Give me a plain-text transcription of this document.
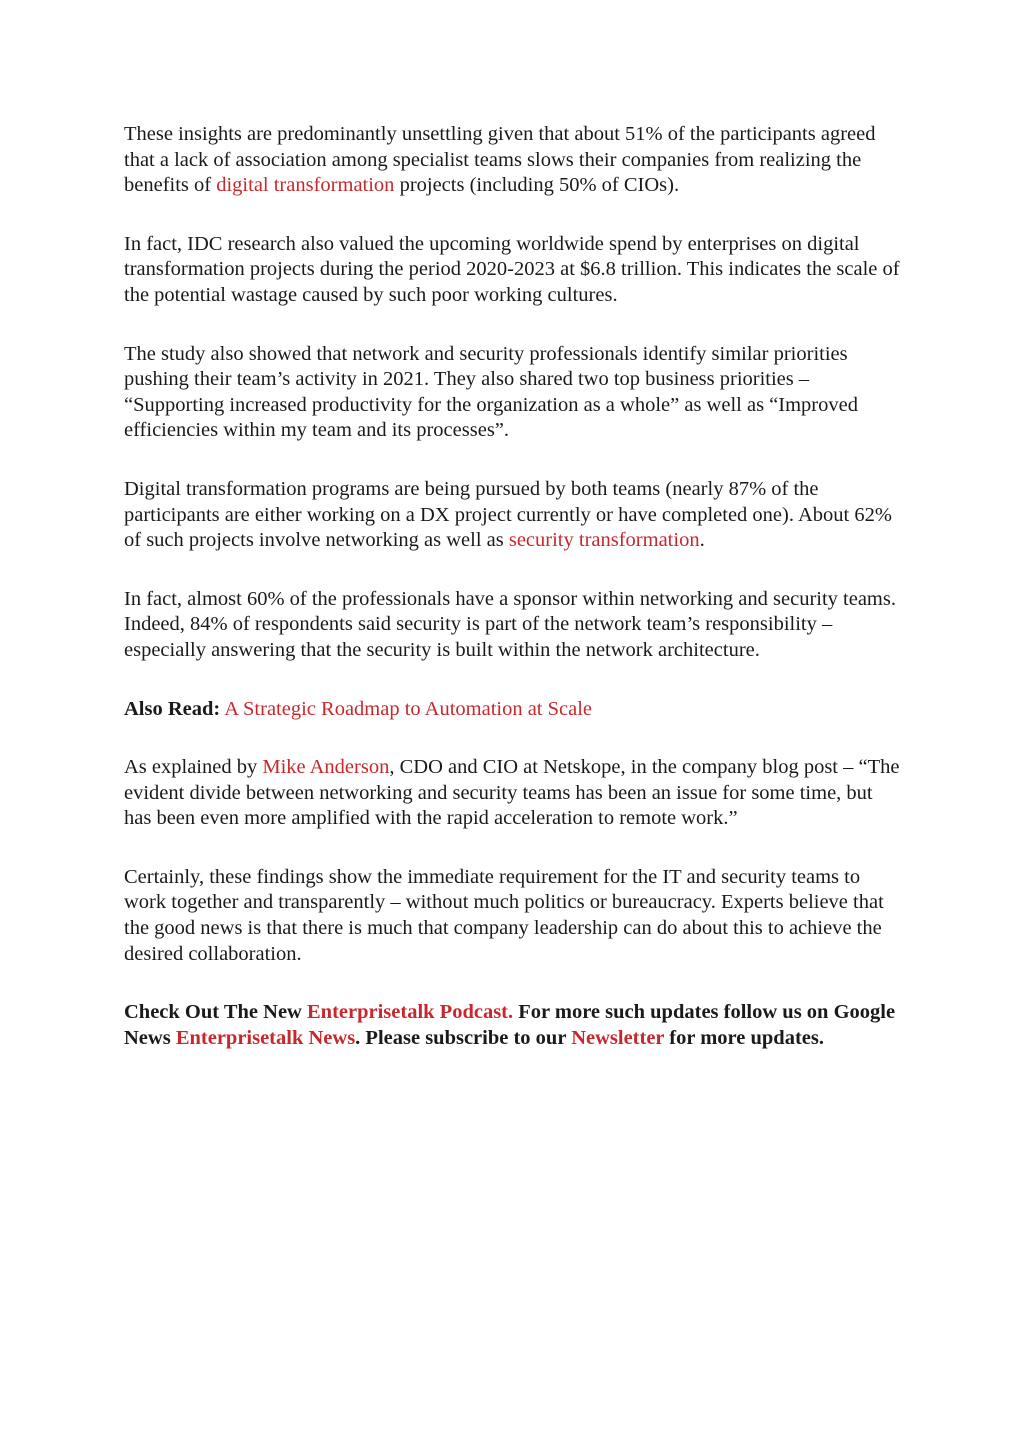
These insights are predominantly unsettling given that about 51% of the participants agreed that a lack of association among specialist teams slows their companies from realizing the benefits of digital transformation projects (including 50% of CIOs).

In fact, IDC research also valued the upcoming worldwide spend by enterprises on digital transformation projects during the period 2020-2023 at $6.8 trillion. This indicates the scale of the potential wastage caused by such poor working cultures.

The study also showed that network and security professionals identify similar priorities pushing their team’s activity in 2021. They also shared two top business priorities – “Supporting increased productivity for the organization as a whole” as well as “Improved efficiencies within my team and its processes”.

Digital transformation programs are being pursued by both teams (nearly 87% of the participants are either working on a DX project currently or have completed one). About 62% of such projects involve networking as well as security transformation.

In fact, almost 60% of the professionals have a sponsor within networking and security teams. Indeed, 84% of respondents said security is part of the network team’s responsibility – especially answering that the security is built within the network architecture.

Also Read: A Strategic Roadmap to Automation at Scale

As explained by Mike Anderson, CDO and CIO at Netskope, in the company blog post – “The evident divide between networking and security teams has been an issue for some time, but has been even more amplified with the rapid acceleration to remote work.”

Certainly, these findings show the immediate requirement for the IT and security teams to work together and transparently – without much politics or bureaucracy. Experts believe that the good news is that there is much that company leadership can do about this to achieve the desired collaboration.

Check Out The New Enterprisetalk Podcast. For more such updates follow us on Google News Enterprisetalk News. Please subscribe to our Newsletter for more updates.
